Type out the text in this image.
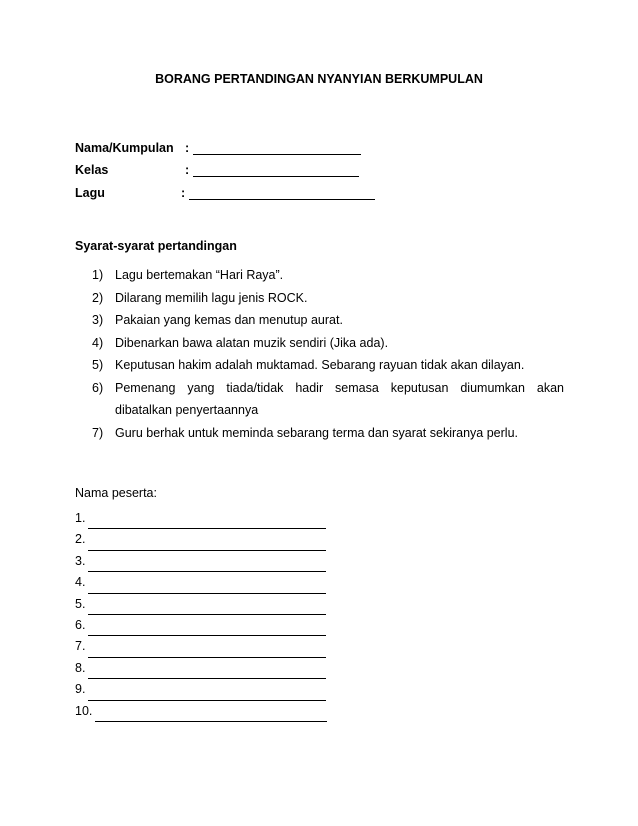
BORANG PERTANDINGAN NYANYIAN BERKUMPULAN
Nama/Kumpulan :
Kelas	:
Lagu	:
Syarat-syarat pertandingan
1) Lagu bertemakan “Hari Raya”.
2) Dilarang memilih lagu jenis ROCK.
3) Pakaian yang kemas dan menutup aurat.
4) Dibenarkan bawa alatan muzik sendiri (Jika ada).
5) Keputusan hakim adalah muktamad. Sebarang rayuan tidak akan dilayan.
6) Pemenang yang tiada/tidak hadir semasa keputusan diumumkan akan
dibatalkan penyertaannya
7) Guru berhak untuk meminda sebarang terma dan syarat sekiranya perlu.
Nama peserta:
1.
2.
3.
4.
5.
6.
7.
8.
9.
10.
